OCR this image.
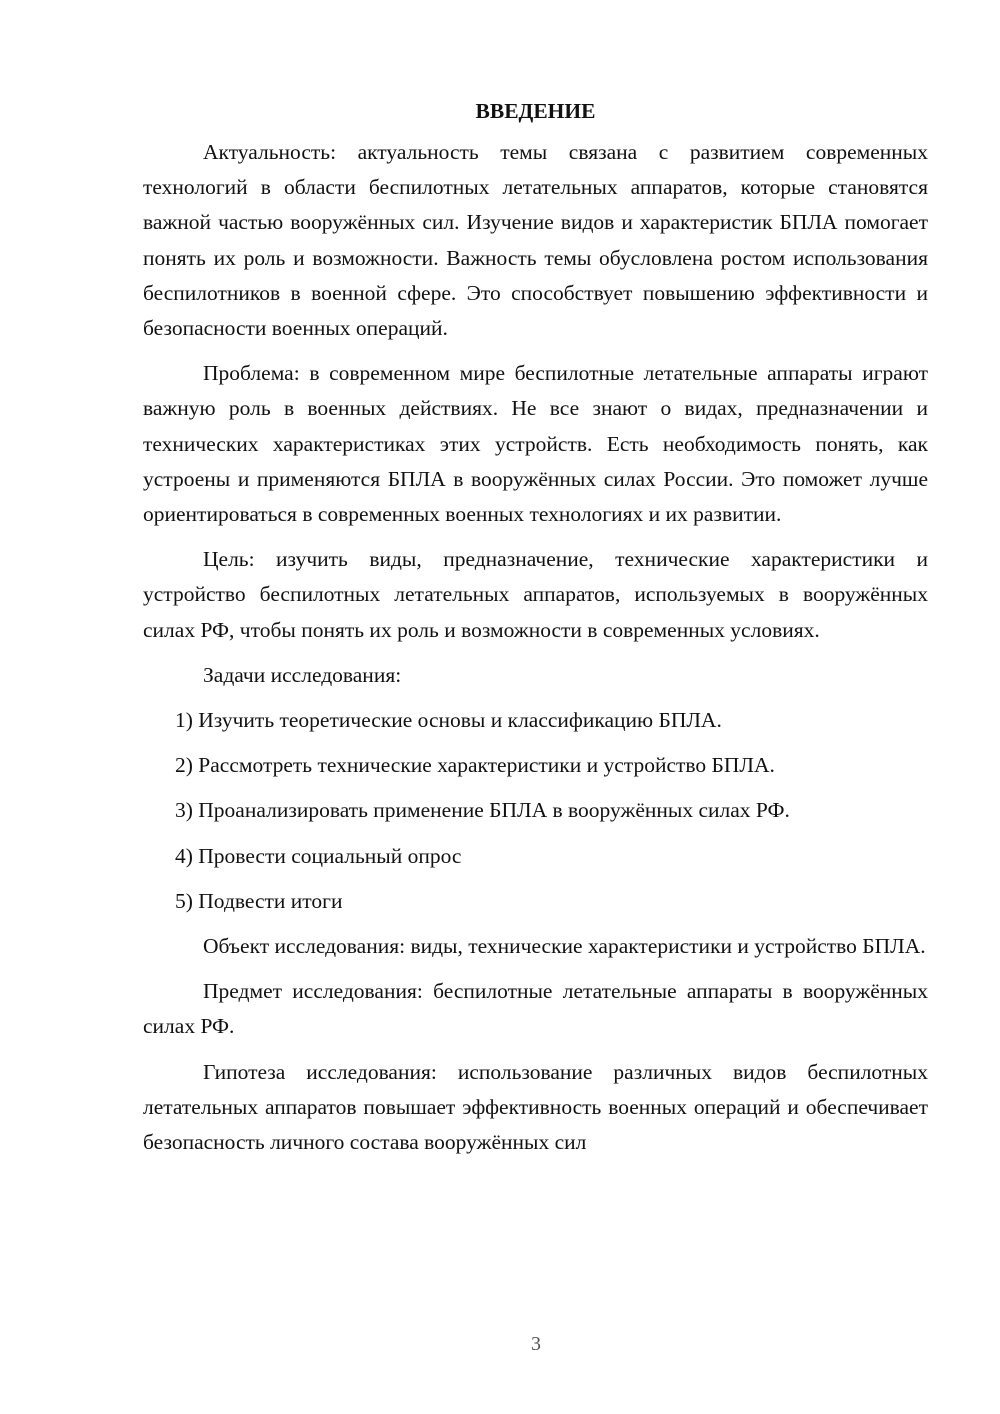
ВВЕДЕНИЕ

Актуальность: актуальность темы связана с развитием современных технологий в области беспилотных летательных аппаратов, которые становятся важной частью вооружённых сил. Изучение видов и характеристик БПЛА помогает понять их роль и возможности. Важность темы обусловлена ростом использования беспилотников в военной сфере. Это способствует повышению эффективности и безопасности военных операций.

Проблема: в современном мире беспилотные летательные аппараты играют важную роль в военных действиях. Не все знают о видах, предназначении и технических характеристиках этих устройств. Есть необходимость понять, как устроены и применяются БПЛА в вооружённых силах России. Это поможет лучше ориентироваться в современных военных технологиях и их развитии.

Цель: изучить виды, предназначение, технические характеристики и устройство беспилотных летательных аппаратов, используемых в вооружённых силах РФ, чтобы понять их роль и возможности в современных условиях.

Задачи исследования:

1) Изучить теоретические основы и классификацию БПЛА.
2) Рассмотреть технические характеристики и устройство БПЛА.
3) Проанализировать применение БПЛА в вооружённых силах РФ.
4) Провести социальный опрос
5) Подвести итоги

Объект исследования: виды, технические характеристики и устройство БПЛА.

Предмет исследования: беспилотные летательные аппараты в вооружённых силах РФ.

Гипотеза исследования: использование различных видов беспилотных летательных аппаратов повышает эффективность военных операций и обеспечивает безопасность личного состава вооружённых сил

3
